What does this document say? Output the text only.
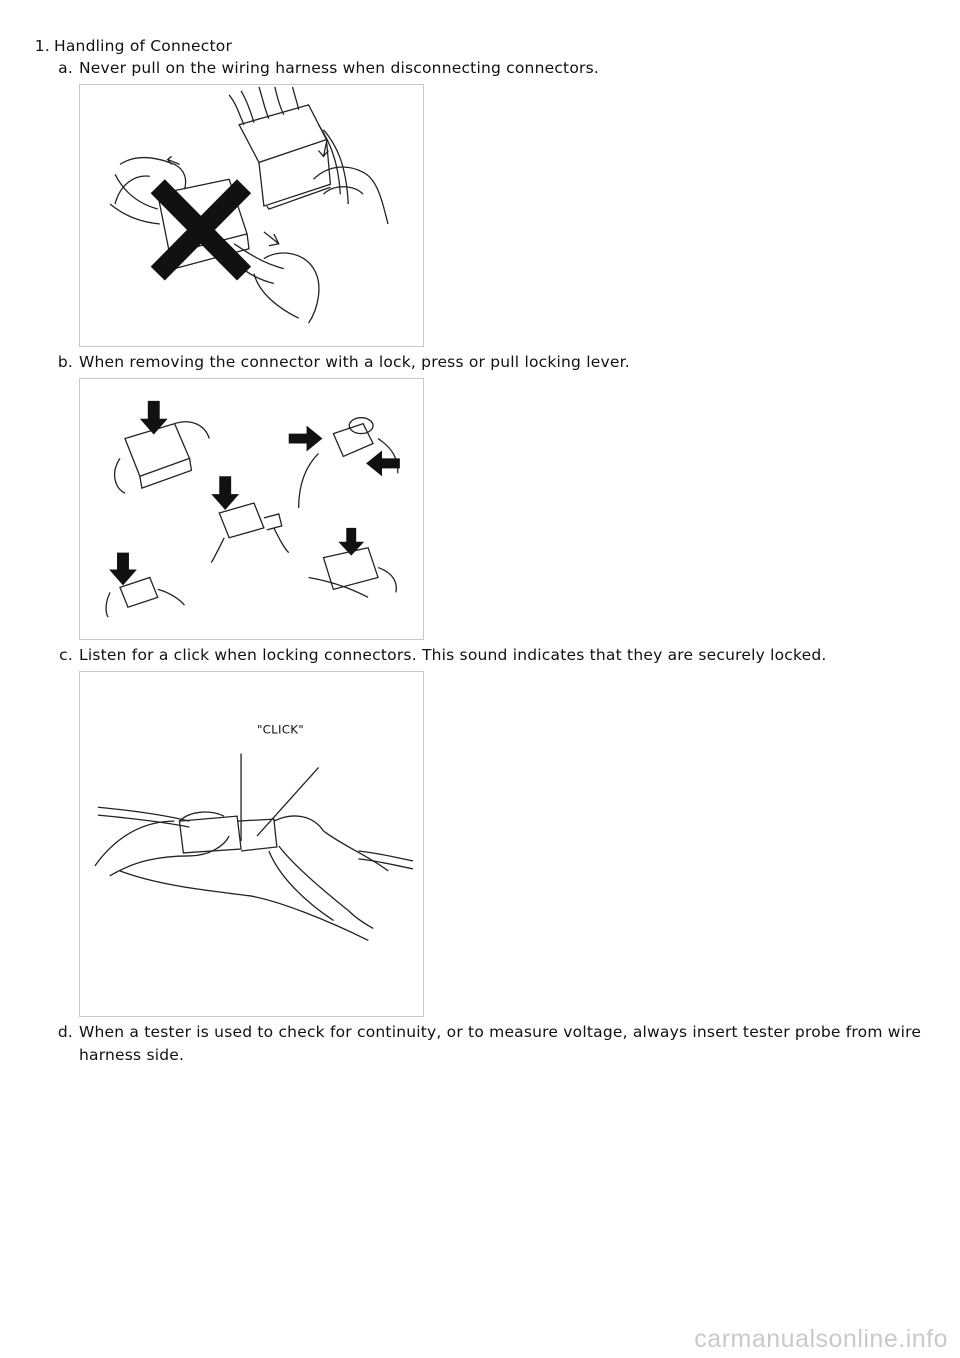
1. Handling of Connector
a. Never pull on the wiring harness when disconnecting connectors.
b. When removing the connector with a lock, press or pull locking lever.
c. Listen for a click when locking connectors. This sound indicates that they are securely locked.
"CLICK"
d. When a tester is used to check for continuity, or to measure voltage, always insert tester probe from wire
harness side.
carmanualsonline.info
